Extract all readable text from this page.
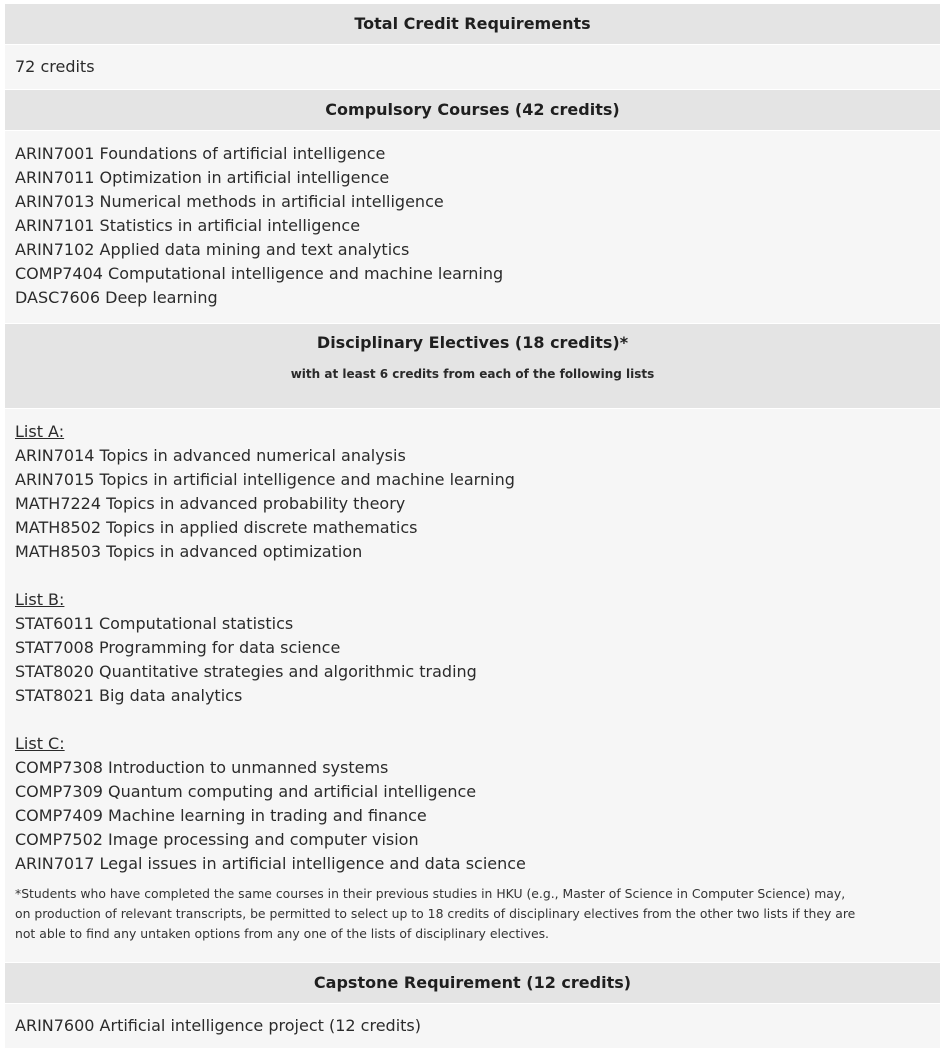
Total Credit Requirements
72 credits
Compulsory Courses (42 credits)
ARIN7001 Foundations of artificial intelligence
ARIN7011 Optimization in artificial intelligence
ARIN7013 Numerical methods in artificial intelligence
ARIN7101 Statistics in artificial intelligence
ARIN7102 Applied data mining and text analytics
COMP7404 Computational intelligence and machine learning
DASC7606 Deep learning
Disciplinary Electives (18 credits)*
with at least 6 credits from each of the following lists
List A:
ARIN7014 Topics in advanced numerical analysis
ARIN7015 Topics in artificial intelligence and machine learning
MATH7224 Topics in advanced probability theory
MATH8502 Topics in applied discrete mathematics
MATH8503 Topics in advanced optimization
List B:
STAT6011 Computational statistics
STAT7008 Programming for data science
STAT8020 Quantitative strategies and algorithmic trading
STAT8021 Big data analytics
List C:
COMP7308 Introduction to unmanned systems
COMP7309 Quantum computing and artificial intelligence
COMP7409 Machine learning in trading and finance
COMP7502 Image processing and computer vision
ARIN7017 Legal issues in artificial intelligence and data science
*Students who have completed the same courses in their previous studies in HKU (e.g., Master of Science in Computer Science) may,
on production of relevant transcripts, be permitted to select up to 18 credits of disciplinary electives from the other two lists if they are
not able to find any untaken options from any one of the lists of disciplinary electives.
Capstone Requirement (12 credits)
ARIN7600 Artificial intelligence project (12 credits)
